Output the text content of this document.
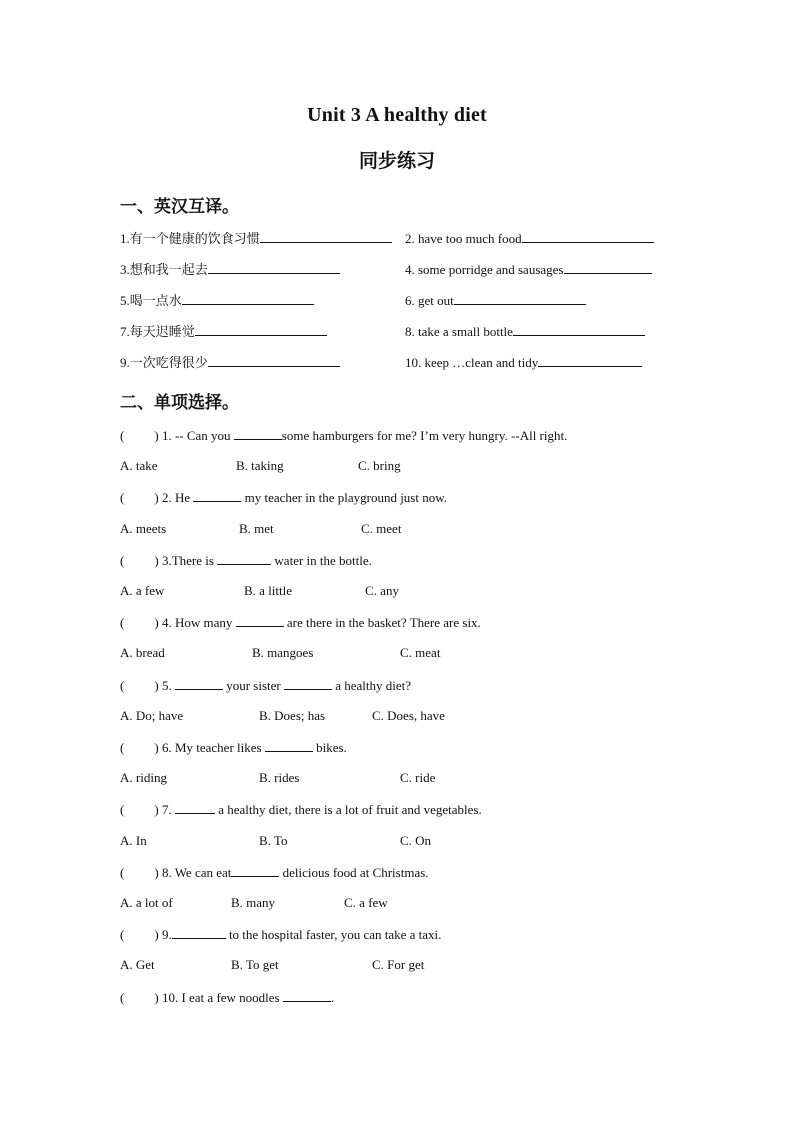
Unit 3 A healthy diet
同步练习
一、英汉互译。
1.有一个健康的饮食习惯	2. have too much food
3.想和我一起去	4. some porridge and sausages
5.喝一点水	6. get out
7.每天迟睡觉	8. take a small bottle
9.一次吃得很少	10. keep …clean and tidy
二、单项选择。
( ) 1. -- Can you	some hamburgers for me? I’m very hungry. --All right.
A. take	B. taking	C. bring
( ) 2. He	my teacher in the playground just now.
A. meets	B. met	C. meet
( ) 3.There is	water in the bottle.
A. a few	B. a little	C. any
( ) 4. How many	are there in the basket? There are six.
A. bread	B. mangoes	C. meat
( ) 5.	your sister	a healthy diet?
A. Do; have	B. Does; has	C. Does, have
( ) 6. My teacher likes	bikes.
A. riding	B. rides	C. ride
( ) 7.	a healthy diet, there is a lot of fruit and vegetables.
A. In	B. To	C. On
( ) 8. We can eat	delicious food at Christmas.
A. a lot of	B. many	C. a few
( ) 9.	to the hospital faster, you can take a taxi.
A. Get	B. To get	C. For get
( ) 10. I eat a few noodles	.
